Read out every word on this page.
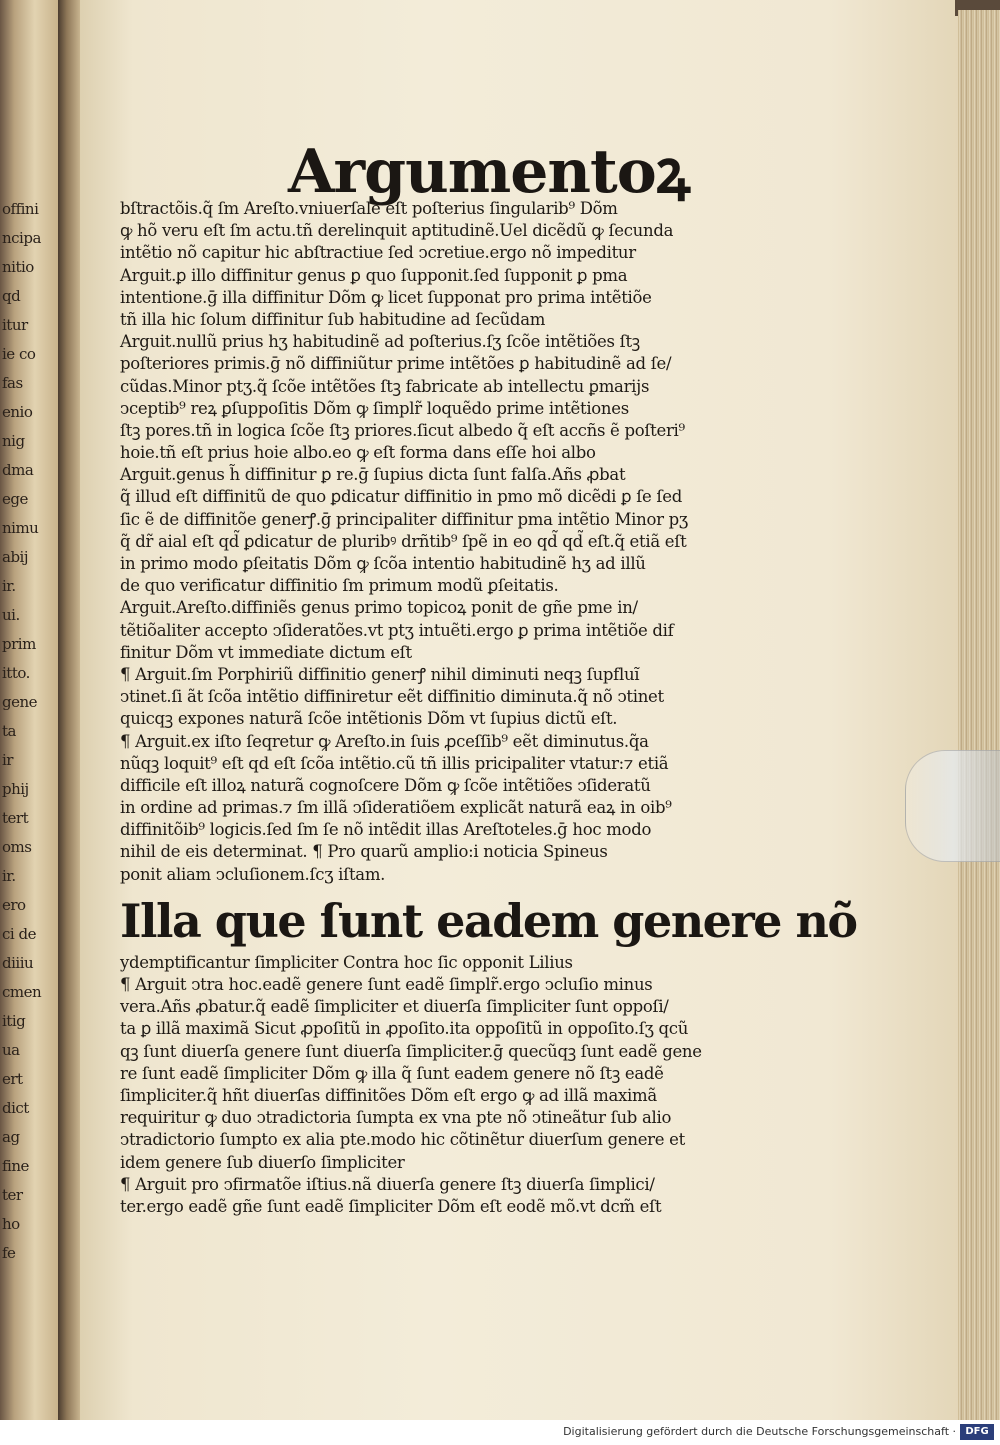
offini
ncipa
nitio
qd
itur
ie co
fas
enio
nig
dma
ege
nimu
abij
ir.
ui.
prim
itto.
gene
ta
ir
phij
tert
oms
ir.
ero
ci de
diiiu
cmen
itig
ua
ert
dict
ag
fine
ter
ho
fe
Argumentoꝝ
bſtractõis.q̃ ſm Areſto.vniuerſale eſt poſterius ſingularib⁹ Dõm
ꝙ hõ veru eſt ſm actu.tñ derelinquit aptitudinẽ.Uel dicẽdũ ꝙ ſecunda
intẽtio nõ capitur hic abſtractiue ſed ↄcretiue.ergo nõ impeditur
Arguit.ꝑ illo diffinitur genus ꝑ quo ſupponit.ſed ſupponit ꝑ pma
intentione.ḡ illa diffinitur Dõm ꝙ licet ſupponat pro prima intẽtiõe
tñ illa hic ſolum diffinitur ſub habitudine ad ſecũdam
Arguit.nullũ prius hʒ habitudinẽ ad poſterius.ſʒ ſcõe intẽtiões ſtꝫ
poſteriores primis.ḡ nõ diffiniũtur prime intẽtões ꝑ habitudinẽ ad ſe/
cũdas.Minor ptʒ.q̃ ſcõe intẽtões ſtꝫ fabricate ab intellectu ꝑmarijs
ↄceptib⁹ reꝝ ꝑſuppoſitis Dõm ꝙ ſimplr̃ loquẽdo prime intẽtiones
ſtꝫ pores.tñ in logica ſcõe ſtꝫ priores.ſicut albedo q̃ eſt accñs ẽ poſteri⁹
hoie.tñ eſt prius hoie albo.eo ꝙ eſt forma dans eſſe hoi albo
Arguit.genus h̃ diffinitur ꝑ re.ḡ ſupius dicta ſunt falſa.Añs ꝓbat
q̃ illud eſt diffinitũ de quo ꝑdicatur diffinitio in pmo mõ dicẽdi ꝑ ſe ſed
ſic ẽ de diffinitõe generꝭ.ḡ principaliter diffinitur pma intẽtio Minor pʒ
q̃ dr̃ aial eſt qd̃ ꝑdicatur de pluribꝰ drñtib⁹ ſpẽ in eo qd̃ qd̃ eſt.q̃ etiã eſt
in primo modo ꝑſeitatis Dõm ꝙ ſcõa intentio habitudinẽ hʒ ad illũ
de quo verificatur diffinitio ſm primum modũ ꝑſeitatis.
Arguit.Areſto.diffiniẽs genus primo topicoꝝ ponit de gñe pme in/
tẽtiõaliter accepto ↄſideratões.vt ptʒ intuẽti.ergo ꝑ prima intẽtiõe dif
finitur Dõm vt immediate dictum eſt
¶ Arguit.ſm Porphiriũ diffinitio generꝭ nihil diminuti neqꝫ ſupfluĩ
ↄtinet.ſi ãt ſcõa intẽtio diffiniretur eẽt diffinitio diminuta.q̃ nõ ↄtinet
quicqꝫ expones naturã ſcõe intẽtionis Dõm vt ſupius dictũ eſt.
¶ Arguit.ex iſto ſeqretur ꝙ Areſto.in ſuis ꝓceſſib⁹ eẽt diminutus.q̃a
nũqꝫ loquit⁹ eſt qd eſt ſcõa intẽtio.cũ tñ illis pricipaliter vtatur:⁊ etiã
difficile eſt illoꝝ naturã cognoſcere Dõm ꝙ ſcõe intẽtiões ↄſideratũ
in ordine ad primas.⁊ ſm illã ↄſideratiõem explicãt naturã eaꝝ in oib⁹
diffinitõib⁹ logicis.ſed ſm ſe nõ intẽdit illas Areſtoteles.ḡ hoc modo
nihil de eis determinat. ¶ Pro quarũ amplio:i noticia Spineus
ponit aliam ↄcluſionem.ſcʒ iſtam.
Illa que ſunt eadem genere nõ
ydemptificantur ſimpliciter Contra hoc ſic opponit Lilius
¶ Arguit ↄtra hoc.eadẽ genere ſunt eadẽ ſimplr̃.ergo ↄcluſio minus
vera.Añs ꝓbatur.q̃ eadẽ ſimpliciter et diuerſa ſimpliciter ſunt oppoſi/
ta ꝑ illã maximã Sicut ꝓpoſitũ in ꝓpoſito.ita oppoſitũ in oppoſito.ſʒ qcũ
qꝫ ſunt diuerſa genere ſunt diuerſa ſimpliciter.ḡ quecũqꝫ ſunt eadẽ gene
re ſunt eadẽ ſimpliciter Dõm ꝙ illa q̃ ſunt eadem genere nõ ſtꝫ eadẽ
ſimpliciter.q̃ hñt diuerſas diffinitões Dõm eſt ergo ꝙ ad illã maximã
requiritur ꝙ duo ↄtradictoria ſumpta ex vna pte nõ ↄtineãtur ſub alio
ↄtradictorio ſumpto ex alia pte.modo hic cõtinẽtur diuerſum genere et
idem genere ſub diuerſo ſimpliciter
¶ Arguit pro ↄfirmatõe iſtius.nã diuerſa genere ſtꝫ diuerſa ſimplici/
ter.ergo eadẽ gñe ſunt eadẽ ſimpliciter Dõm eſt eodẽ mõ.vt dcm̃ eſt
Digitalisierung gefördert durch die Deutsche Forschungsgemeinschaft · DFG
